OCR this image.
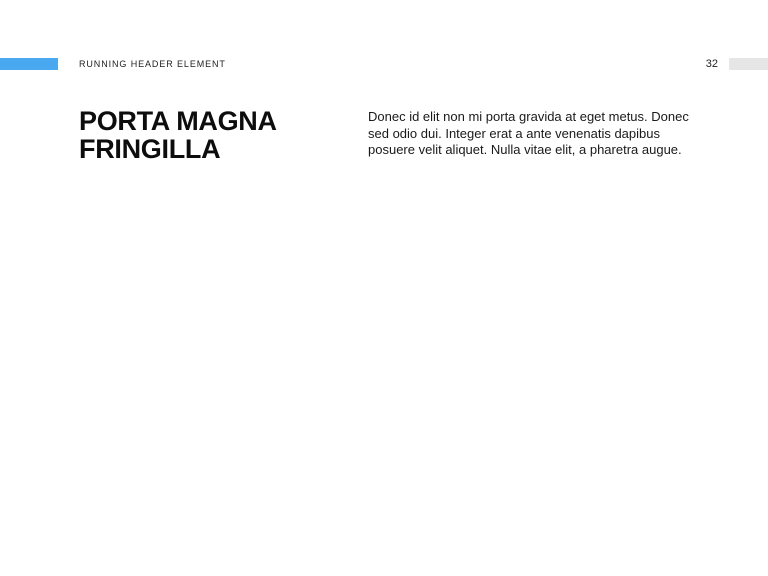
RUNNING HEADER ELEMENT	32
PORTA MAGNA
FRINGILLA

Donec id elit non mi porta gravida at eget metus. Donec
sed odio dui. Integer erat a ante venenatis dapibus
posuere velit aliquet. Nulla vitae elit, a pharetra augue.
